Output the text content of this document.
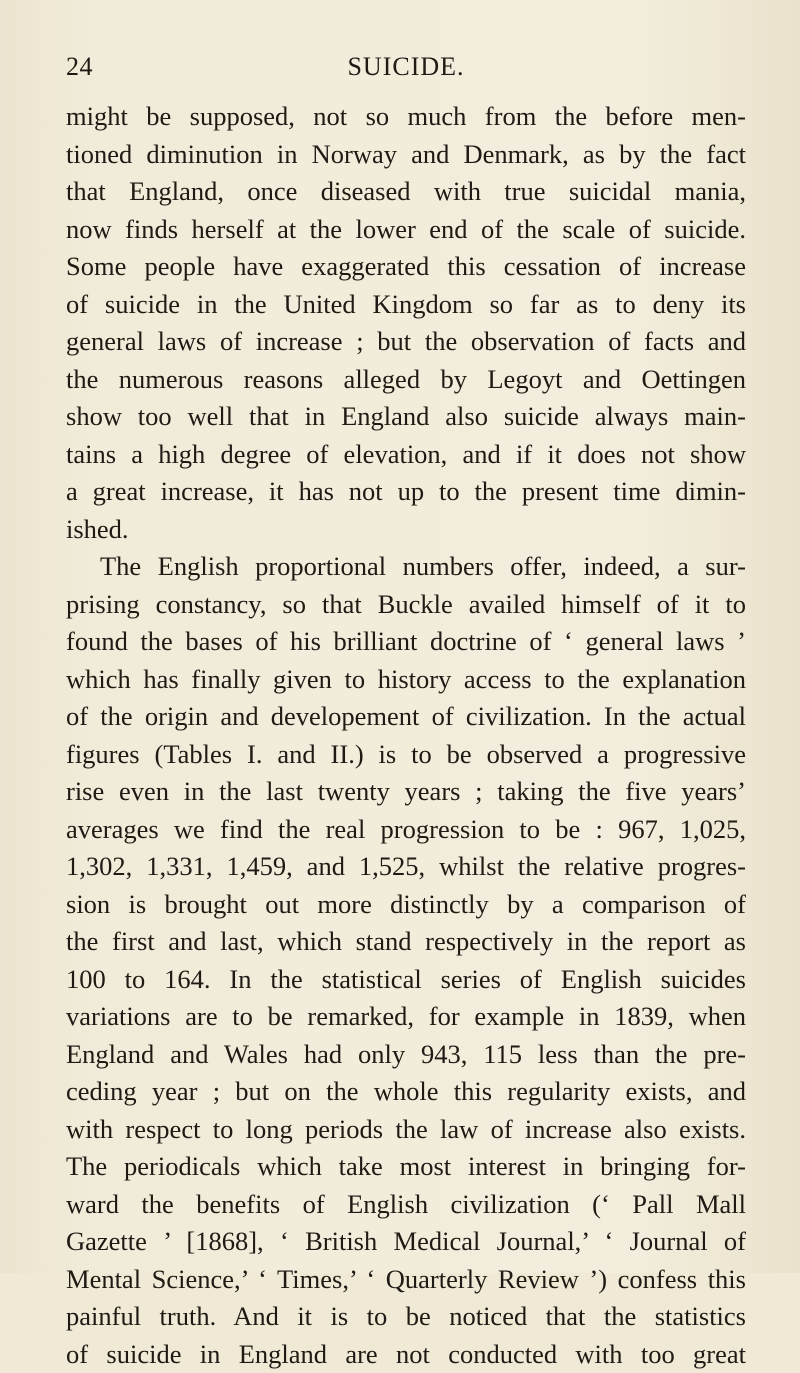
24	SUICIDE.
might be supposed, not so much from the before men-
tioned diminution in Norway and Denmark, as by the fact
that England, once diseased with true suicidal mania,
now finds herself at the lower end of the scale of suicide.
Some people have exaggerated this cessation of increase
of suicide in the United Kingdom so far as to deny its
general laws of increase ; but the observation of facts and
the numerous reasons alleged by Legoyt and Oettingen
show too well that in England also suicide always main-
tains a high degree of elevation, and if it does not show
a great increase, it has not up to the present time dimin-
ished.
The English proportional numbers offer, indeed, a sur-
prising constancy, so that Buckle availed himself of it to
found the bases of his brilliant doctrine of ‘ general laws ’
which has finally given to history access to the explanation
of the origin and developement of civilization. In the actual
figures (Tables I. and II.) is to be observed a progressive
rise even in the last twenty years ; taking the five years’
averages we find the real progression to be : 967, 1,025,
1,302, 1,331, 1,459, and 1,525, whilst the relative progres-
sion is brought out more distinctly by a comparison of
the first and last, which stand respectively in the report as
100 to 164. In the statistical series of English suicides
variations are to be remarked, for example in 1839, when
England and Wales had only 943, 115 less than the pre-
ceding year ; but on the whole this regularity exists, and
with respect to long periods the law of increase also exists.
The periodicals which take most interest in bringing for-
ward the benefits of English civilization (‘ Pall Mall
Gazette ’ [1868], ‘ British Medical Journal,’ ‘ Journal of
Mental Science,’ ‘ Times,’ ‘ Quarterly Review ’) confess this
painful truth. And it is to be noticed that the statistics
of suicide in England are not conducted with too great
